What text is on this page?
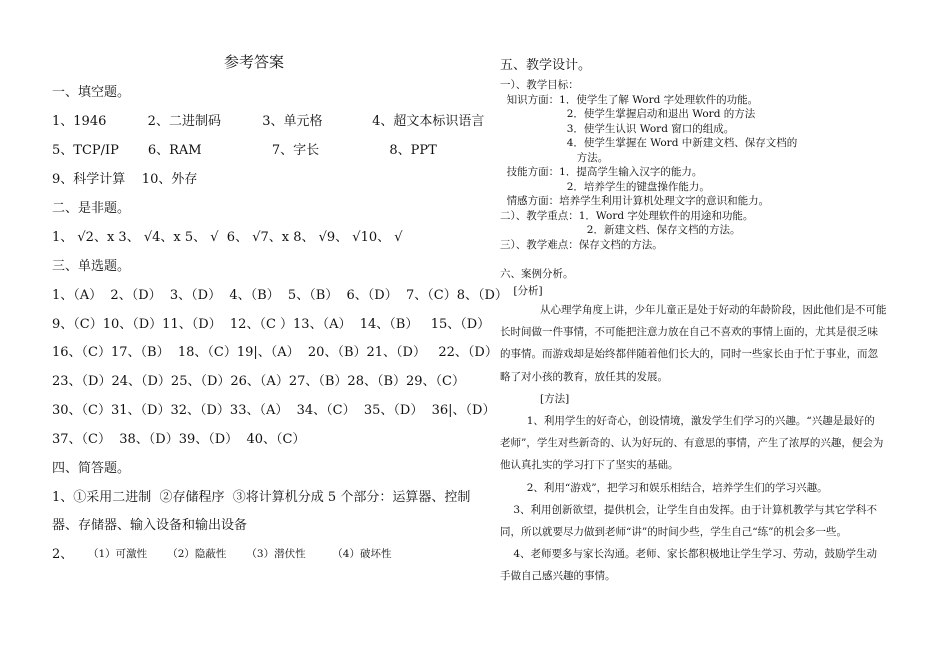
参考答案
一、填空题。
1、1946          2、二进制码          3、单元格            4、超文本标识语言
5、TCP/IP       6、RAM                 7、字长                 8、PPT
9、科学计算    10、外存
二、是非题。
1、 √2、x 3、 √4、x 5、 √  6、 √7、x 8、 √9、 √10、 √
三、单选题。
1、（A）  2、（D）  3、（D）  4、（B）  5、（B）  6、（D）  7、（C）8、（D）
9、（C）10、（D）11、（D）  12、（C ）13、（A）  14、（B）   15、（D）
16、（C）17、（B）  18、（C）19|、（A）  20、（B）21、（D）   22、（D）
23、（D）24、（D）25、（D）26、（A）27、（B）28、（B）29、（C）
30、（C）31、（D）32、（D）33、（A）  34、（C）  35、（D）  36|、（D）
37、（C）  38、（D）39、（D）  40、（C）
四、简答题。
1、①采用二进制  ②存储程序  ③将计算机分成 5 个部分：运算器、控制
器、存储器、输入设备和输出设备
2、 （1）可激性      （2）隐蔽性      （3）潜伏性        （4）破坏性
五、教学设计。
一）、教学目标：
知识方面：1．使学生了解 Word 字处理软件的功能。
2．使学生掌握启动和退出 Word 的方法
3．使学生认识 Word 窗口的组成。
4．使学生掌握在 Word 中新建文档、保存文档的
方法。
技能方面：1．提高学生输入汉字的能力。
2．培养学生的键盘操作能力。
情感方面：培养学生利用计算机处理文字的意识和能力。
二）、教学重点：1．Word 字处理软件的用途和功能。
2．新建文档、保存文档的方法。
三）、教学难点：保存文档的方法。
六、案例分析。
[分析]
从心理学角度上讲，少年儿童正是处于好动的年龄阶段，因此他们是不可能
长时间做一件事情，不可能把注意力放在自己不喜欢的事情上面的，尤其是很乏味
的事情。而游戏却是始终都伴随着他们长大的，同时一些家长由于忙于事业，而忽
略了对小孩的教育，放任其的发展。
[方法]
1、利用学生的好奇心，创设情境，激发学生们学习的兴趣。“兴趣是最好的
老师”，学生对些新奇的、认为好玩的、有意思的事情，产生了浓厚的兴趣，便会为
他认真扎实的学习打下了坚实的基础。
2、利用“游戏”，把学习和娱乐相结合，培养学生们的学习兴趣。
3、利用创新欲望，提供机会，让学生自由发挥。由于计算机教学与其它学科不
同，所以就要尽力做到老师“讲”的时间少些，学生自己“练”的机会多一些。
4、老师要多与家长沟通。老师、家长都积极地让学生学习、劳动，鼓励学生动
手做自己感兴趣的事情。
